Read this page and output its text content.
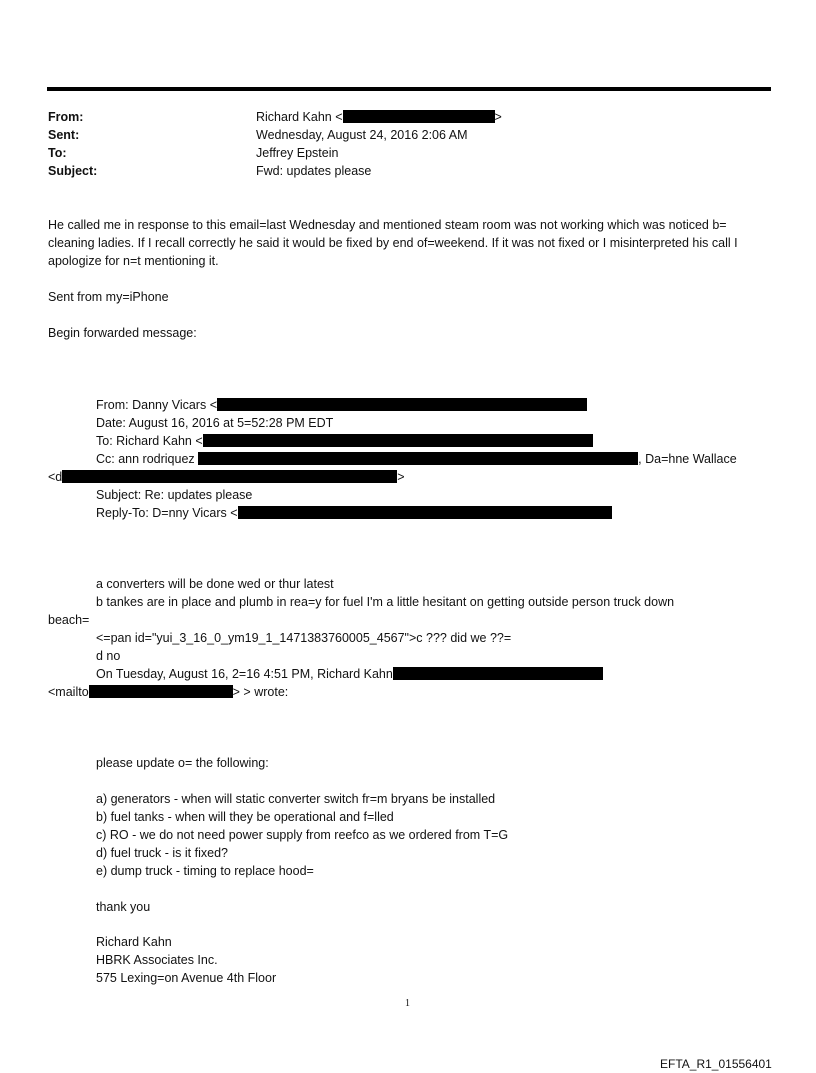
From:	Richard Kahn <	>
Sent:	Wednesday, August 24, 2016 2:06 AM
To:	Jeffrey Epstein
Subject:	Fwd: updates please
He called me in response to this email=last Wednesday and mentioned steam room was not working which was noticed b= cleaning ladies. If I recall correctly he said it would be fixed by end of=weekend. If it was not fixed or I misinterpreted his call I apologize for n=t mentioning it.
Sent from my=iPhone
Begin forwarded message:
From: Danny Vicars <
Date: August 16, 2016 at 5=52:28 PM EDT
To: Richard Kahn <
Cc: ann rodriquez	, Da=hne Wallace
<d	>
Subject: Re: updates please
Reply-To: D=nny Vicars <
a converters will be done wed or thur latest
b tankes are in place and plumb in rea=y for fuel I'm a little hesitant on getting outside person truck down
beach=
<=pan id="yui_3_16_0_ym19_1_1471383760005_4567">c ??? did we ??=
d no
On Tuesday, August 16, 2=16 4:51 PM, Richard Kahn
<mailto	> > wrote:
please update o= the following:
a) generators - when will static converter switch fr=m bryans be installed
b) fuel tanks - when will they be operational and f=lled
c) RO - we do not need power supply from reefco as we ordered from T=G
d) fuel truck - is it fixed?
e) dump truck - timing to replace hood=
thank you
Richard Kahn
HBRK Associates Inc.
575 Lexing=on Avenue 4th Floor
1
EFTA_R1_01556401
